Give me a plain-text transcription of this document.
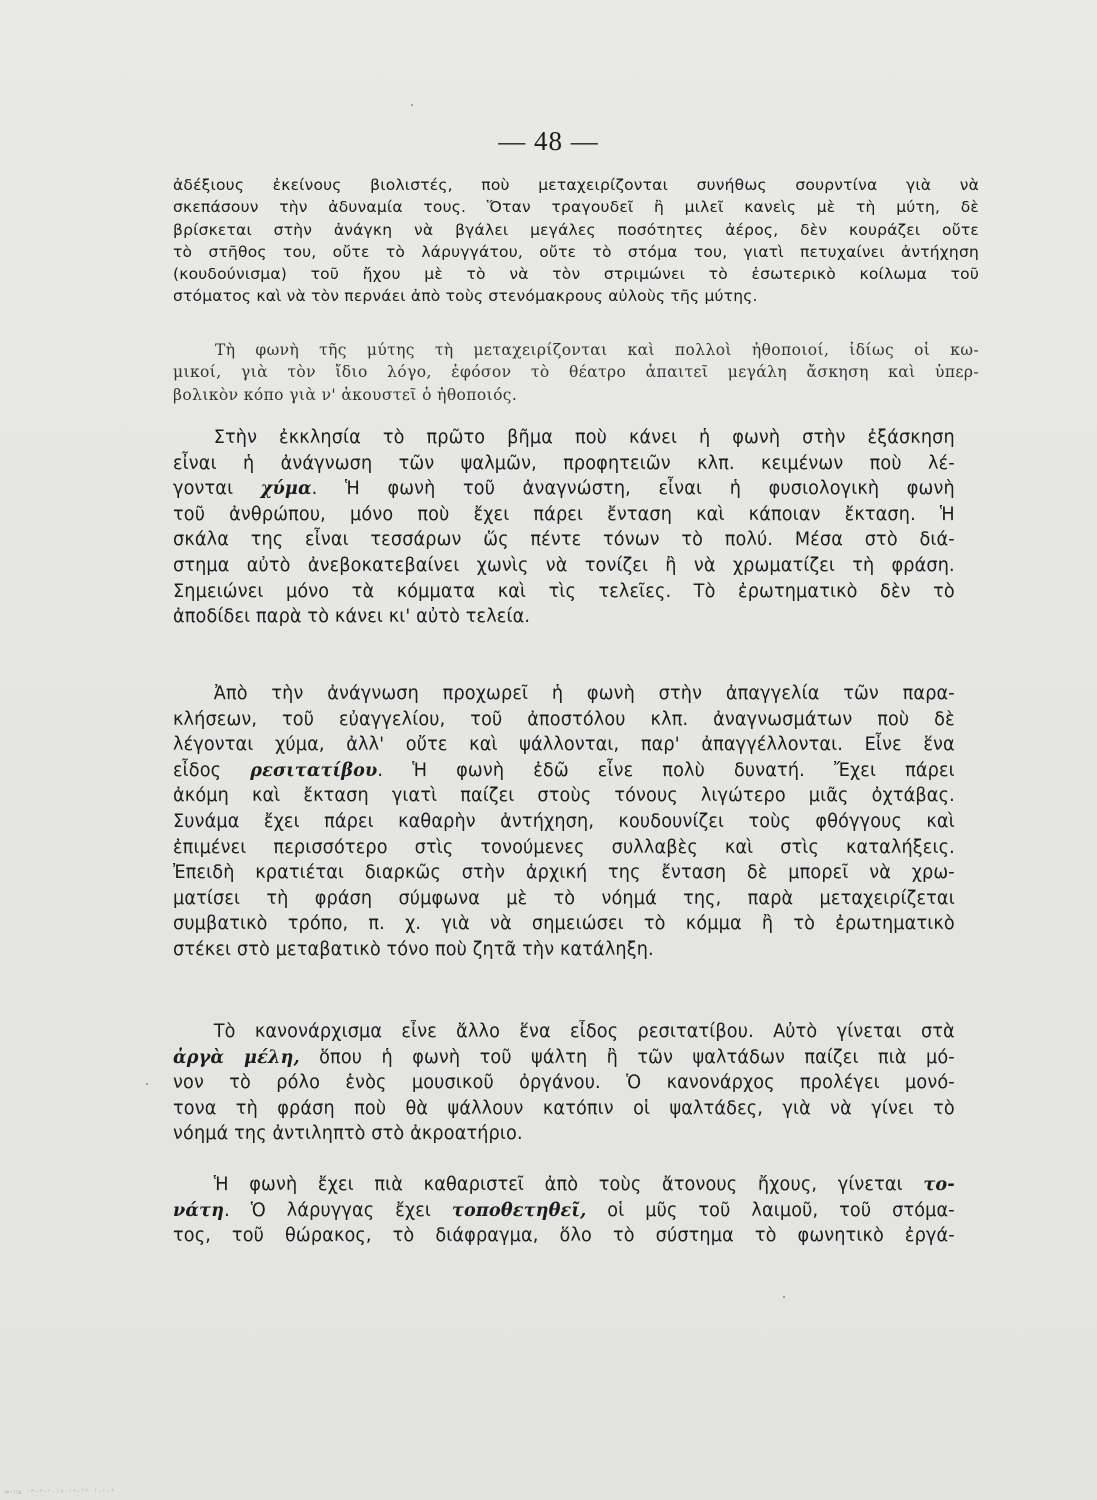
— 48 —
ἀδέξιους ἐκείνους βιολιστές, ποὺ μεταχειρίζονται συνήθως σουρντίνα γιὰ νὰ
σκεπάσουν τὴν ἀδυναμία τους. Ὅταν τραγουδεῖ ἢ μιλεῖ κανεὶς μὲ τὴ μύτη, δὲ
βρίσκεται στὴν ἀνάγκη νὰ βγάλει μεγάλες ποσότητες ἀέρος, δὲν κουράζει οὔτε
τὸ στῆθος του, οὔτε τὸ λάρυγγάτου, οὔτε τὸ στόμα του, γιατὶ πετυχαίνει ἀντήχηση
(κουδούνισμα) τοῦ ἤχου μὲ τὸ νὰ τὸν στριμώνει τὸ ἐσωτερικὸ κοίλωμα τοῦ
στόματος καὶ νὰ τὸν περνάει ἀπὸ τοὺς στενόμακρους αὐλοὺς τῆς μύτης.
Τὴ φωνὴ τῆς μύτης τὴ μεταχειρίζονται καὶ πολλοὶ ἠθοποιοί, ἰδίως οἱ κω-
μικοί, γιὰ τὸν ἴδιο λόγο, ἐφόσον τὸ θέατρο ἀπαιτεῖ μεγάλη ἄσκηση καὶ ὑπερ-
βολικὸν κόπο γιὰ ν' ἀκουστεῖ ὁ ἠθοποιός.
Στὴν ἐκκλησία τὸ πρῶτο βῆμα ποὺ κάνει ἡ φωνὴ στὴν ἐξάσκηση
εἶναι ἡ ἀνάγνωση τῶν ψαλμῶν, προφητειῶν κλπ. κειμένων ποὺ λέ-
γονται χύμα. Ἡ φωνὴ τοῦ ἀναγνώστη, εἶναι ἡ φυσιολογικὴ φωνὴ
τοῦ ἀνθρώπου, μόνο ποὺ ἔχει πάρει ἔνταση καὶ κάποιαν ἔκταση. Ἡ
σκάλα της εἶναι τεσσάρων ὥς πέντε τόνων τὸ πολύ. Μέσα στὸ διά-
στημα αὐτὸ ἀνεβοκατεβαίνει χωνὶς νὰ τονίζει ἢ νὰ χρωματίζει τὴ φράση.
Σημειώνει μόνο τὰ κόμματα καὶ τὶς τελεῖες. Τὸ ἐρωτηματικὸ δὲν τὸ
ἀποδίδει παρὰ τὸ κάνει κι' αὐτὸ τελεία.
Ἀπὸ τὴν ἀνάγνωση προχωρεῖ ἡ φωνὴ στὴν ἀπαγγελία τῶν παρα-
κλήσεων, τοῦ εὐαγγελίου, τοῦ ἀποστόλου κλπ. ἀναγνωσμάτων ποὺ δὲ
λέγονται χύμα, ἀλλ' οὔτε καὶ ψάλλονται, παρ' ἀπαγγέλλονται. Εἶνε ἕνα
εἶδος ρεσιτατίβου. Ἡ φωνὴ ἐδῶ εἶνε πολὺ δυνατή. Ἔχει πάρει
ἀκόμη καὶ ἔκταση γιατὶ παίζει στοὺς τόνους λιγώτερο μιᾶς ὀχτάβας.
Συνάμα ἔχει πάρει καθαρὴν ἀντήχηση, κουδουνίζει τοὺς φθόγγους καὶ
ἐπιμένει περισσότερο στὶς τονούμενες συλλαβὲς καὶ στὶς καταλήξεις.
Ἐπειδὴ κρατιέται διαρκῶς στὴν ἀρχική της ἔνταση δὲ μπορεῖ νὰ χρω-
ματίσει τὴ φράση σύμφωνα μὲ τὸ νόημά της, παρὰ μεταχειρίζεται
συμβατικὸ τρόπο, π. χ. γιὰ νὰ σημειώσει τὸ κόμμα ἢ τὸ ἐρωτηματικὸ
στέκει στὸ μεταβατικὸ τόνο ποὺ ζητᾶ τὴν κατάληξη.
Τὸ κανονάρχισμα εἶνε ἄλλο ἕνα εἶδος ρεσιτατίβου. Αὐτὸ γίνεται στὰ
ἀργὰ μέλη, ὅπου ἡ φωνὴ τοῦ ψάλτη ἢ τῶν ψαλτάδων παίζει πιὰ μό-
νον τὸ ρόλο ἑνὸς μουσικοῦ ὀργάνου. Ὁ κανονάρχος προλέγει μονό-
τονα τὴ φράση ποὺ θὰ ψάλλουν κατόπιν οἱ ψαλτάδες, γιὰ νὰ γίνει τὸ
νόημά της ἀντιληπτὸ στὸ ἀκροατήριο.
Ἡ φωνὴ ἔχει πιὰ καθαριστεῖ ἀπὸ τοὺς ἄτονους ἤχους, γίνεται το-
νάτη. Ὁ λάρυγγας ἔχει τοποθετηθεῖ, οἱ μῦς τοῦ λαιμοῦ, τοῦ στόμα-
τος, τοῦ θώρακος, τὸ διάφραγμα, ὅλο τὸ σύστημα τὸ φωνητικὸ ἐργά-
∞-∷ѧ ·ʷ·ᵃ·ᵛ·ʲᵍ·ᶦᵃ·ᶠʰ ᶠ·ʳ·³
